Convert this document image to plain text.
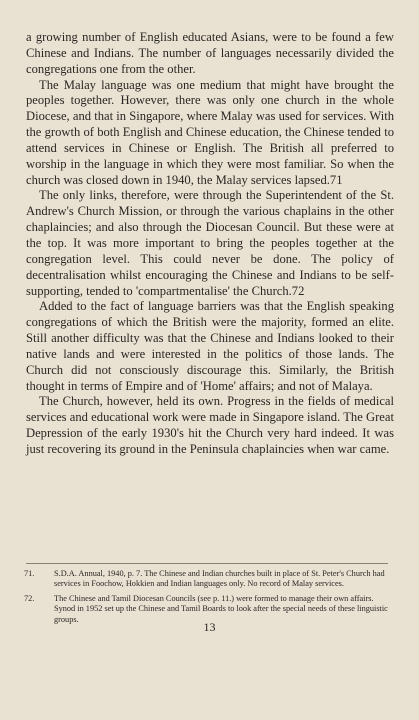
a growing number of English educated Asians, were to be found a few Chinese and Indians. The number of languages necessarily divided the congregations one from the other.

The Malay language was one medium that might have brought the peoples together. However, there was only one church in the whole Diocese, and that in Singapore, where Malay was used for services. With the growth of both English and Chinese education, the Chinese tended to attend services in Chinese or English. The British all preferred to worship in the language in which they were most familiar. So when the church was closed down in 1940, the Malay services lapsed.71

The only links, therefore, were through the Superintendent of the St. Andrew's Church Mission, or through the various chaplains in the other chaplaincies; and also through the Diocesan Council. But these were at the top. It was more important to bring the peoples together at the congregation level. This could never be done. The policy of decentralisation whilst encouraging the Chinese and Indians to be self-supporting, tended to 'compartmentalise' the Church.72

Added to the fact of language barriers was that the English speaking congregations of which the British were the majority, formed an elite. Still another difficulty was that the Chinese and Indians looked to their native lands and were interested in the politics of those lands. The Church did not consciously discourage this. Similarly, the British thought in terms of Empire and of 'Home' affairs; and not of Malaya.

The Church, however, held its own. Progress in the fields of medical services and educational work were made in Singapore island. The Great Depression of the early 1930's hit the Church very hard indeed. It was just recovering its ground in the Peninsula chaplaincies when war came.

71.	S.D.A. Annual, 1940, p. 7. The Chinese and Indian churches built in place of St. Peter's Church had services in Foochow, Hokkien and Indian languages only. No record of Malay services.
72.	The Chinese and Tamil Diocesan Councils (see p. 11.) were formed to manage their own affairs. Synod in 1952 set up the Chinese and Tamil Boards to look after the special needs of these linguistic groups.
13
